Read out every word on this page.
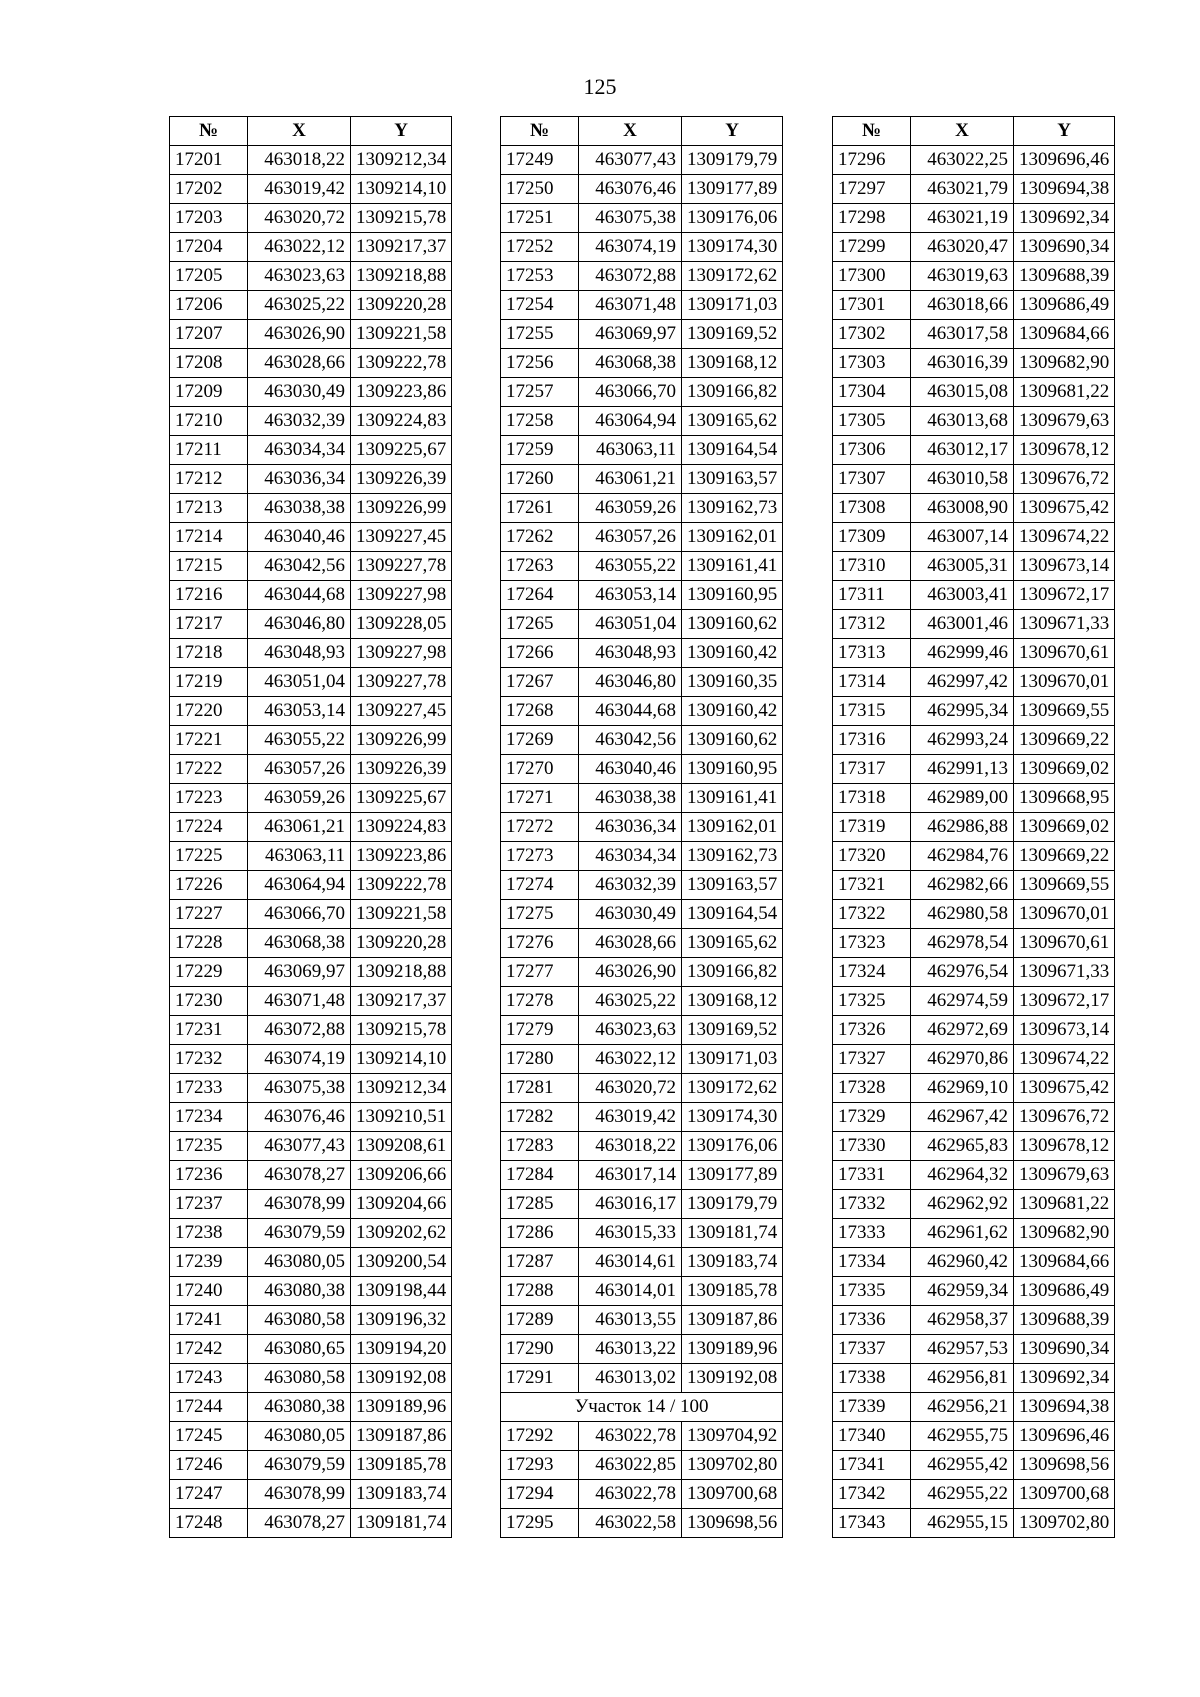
125
№	X	Y
17201	463018,22	1309212,34
17202	463019,42	1309214,10
17203	463020,72	1309215,78
17204	463022,12	1309217,37
17205	463023,63	1309218,88
17206	463025,22	1309220,28
17207	463026,90	1309221,58
17208	463028,66	1309222,78
17209	463030,49	1309223,86
17210	463032,39	1309224,83
17211	463034,34	1309225,67
17212	463036,34	1309226,39
17213	463038,38	1309226,99
17214	463040,46	1309227,45
17215	463042,56	1309227,78
17216	463044,68	1309227,98
17217	463046,80	1309228,05
17218	463048,93	1309227,98
17219	463051,04	1309227,78
17220	463053,14	1309227,45
17221	463055,22	1309226,99
17222	463057,26	1309226,39
17223	463059,26	1309225,67
17224	463061,21	1309224,83
17225	463063,11	1309223,86
17226	463064,94	1309222,78
17227	463066,70	1309221,58
17228	463068,38	1309220,28
17229	463069,97	1309218,88
17230	463071,48	1309217,37
17231	463072,88	1309215,78
17232	463074,19	1309214,10
17233	463075,38	1309212,34
17234	463076,46	1309210,51
17235	463077,43	1309208,61
17236	463078,27	1309206,66
17237	463078,99	1309204,66
17238	463079,59	1309202,62
17239	463080,05	1309200,54
17240	463080,38	1309198,44
17241	463080,58	1309196,32
17242	463080,65	1309194,20
17243	463080,58	1309192,08
17244	463080,38	1309189,96
17245	463080,05	1309187,86
17246	463079,59	1309185,78
17247	463078,99	1309183,74
17248	463078,27	1309181,74
№	X	Y
17249	463077,43	1309179,79
17250	463076,46	1309177,89
17251	463075,38	1309176,06
17252	463074,19	1309174,30
17253	463072,88	1309172,62
17254	463071,48	1309171,03
17255	463069,97	1309169,52
17256	463068,38	1309168,12
17257	463066,70	1309166,82
17258	463064,94	1309165,62
17259	463063,11	1309164,54
17260	463061,21	1309163,57
17261	463059,26	1309162,73
17262	463057,26	1309162,01
17263	463055,22	1309161,41
17264	463053,14	1309160,95
17265	463051,04	1309160,62
17266	463048,93	1309160,42
17267	463046,80	1309160,35
17268	463044,68	1309160,42
17269	463042,56	1309160,62
17270	463040,46	1309160,95
17271	463038,38	1309161,41
17272	463036,34	1309162,01
17273	463034,34	1309162,73
17274	463032,39	1309163,57
17275	463030,49	1309164,54
17276	463028,66	1309165,62
17277	463026,90	1309166,82
17278	463025,22	1309168,12
17279	463023,63	1309169,52
17280	463022,12	1309171,03
17281	463020,72	1309172,62
17282	463019,42	1309174,30
17283	463018,22	1309176,06
17284	463017,14	1309177,89
17285	463016,17	1309179,79
17286	463015,33	1309181,74
17287	463014,61	1309183,74
17288	463014,01	1309185,78
17289	463013,55	1309187,86
17290	463013,22	1309189,96
17291	463013,02	1309192,08
Участок 14 / 100		
17292	463022,78	1309704,92
17293	463022,85	1309702,80
17294	463022,78	1309700,68
17295	463022,58	1309698,56
№	X	Y
17296	463022,25	1309696,46
17297	463021,79	1309694,38
17298	463021,19	1309692,34
17299	463020,47	1309690,34
17300	463019,63	1309688,39
17301	463018,66	1309686,49
17302	463017,58	1309684,66
17303	463016,39	1309682,90
17304	463015,08	1309681,22
17305	463013,68	1309679,63
17306	463012,17	1309678,12
17307	463010,58	1309676,72
17308	463008,90	1309675,42
17309	463007,14	1309674,22
17310	463005,31	1309673,14
17311	463003,41	1309672,17
17312	463001,46	1309671,33
17313	462999,46	1309670,61
17314	462997,42	1309670,01
17315	462995,34	1309669,55
17316	462993,24	1309669,22
17317	462991,13	1309669,02
17318	462989,00	1309668,95
17319	462986,88	1309669,02
17320	462984,76	1309669,22
17321	462982,66	1309669,55
17322	462980,58	1309670,01
17323	462978,54	1309670,61
17324	462976,54	1309671,33
17325	462974,59	1309672,17
17326	462972,69	1309673,14
17327	462970,86	1309674,22
17328	462969,10	1309675,42
17329	462967,42	1309676,72
17330	462965,83	1309678,12
17331	462964,32	1309679,63
17332	462962,92	1309681,22
17333	462961,62	1309682,90
17334	462960,42	1309684,66
17335	462959,34	1309686,49
17336	462958,37	1309688,39
17337	462957,53	1309690,34
17338	462956,81	1309692,34
17339	462956,21	1309694,38
17340	462955,75	1309696,46
17341	462955,42	1309698,56
17342	462955,22	1309700,68
17343	462955,15	1309702,80
